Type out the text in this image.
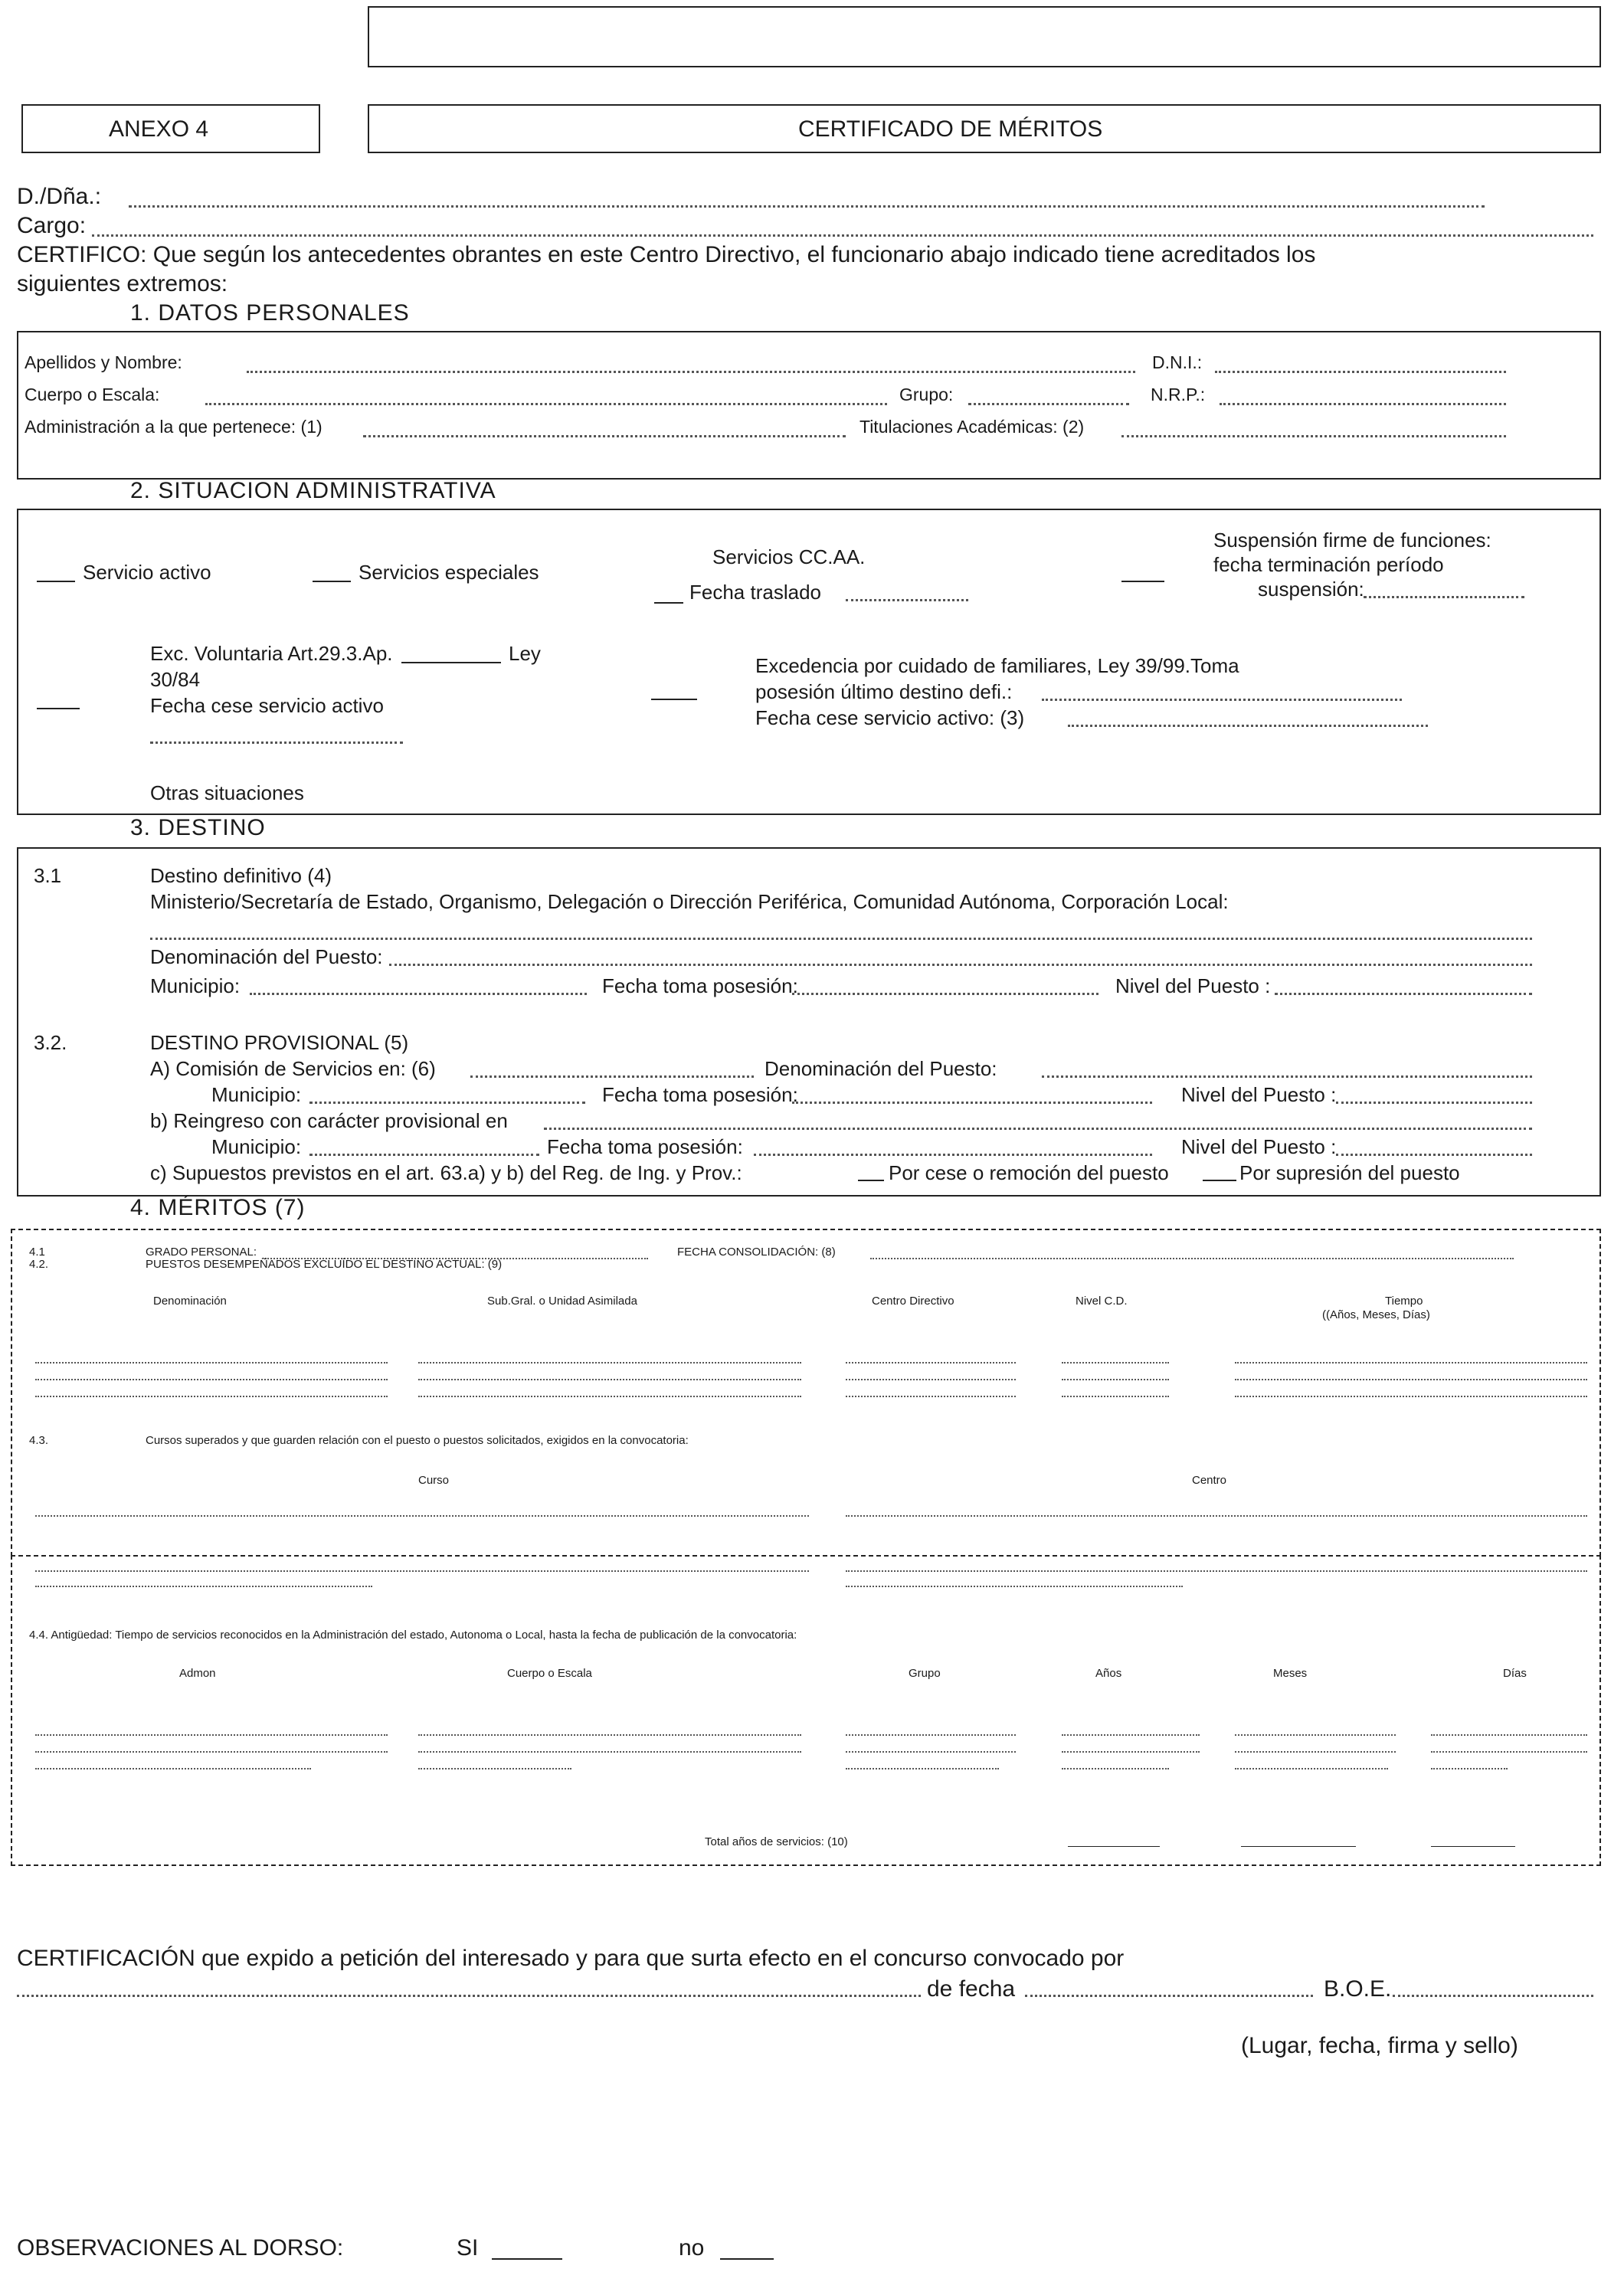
ANEXO 4	CERTIFICADO DE MÉRITOS
D./Dña.:
Cargo:
CERTIFICO: Que según los antecedentes obrantes en este Centro Directivo, el funcionario abajo indicado tiene acreditados los
siguientes extremos:
1. DATOS PERSONALES
Apellidos y Nombre:	D.N.I.:
Cuerpo o Escala:	Grupo:	N.R.P.:
Administración a la que pertenece: (1)	Titulaciones Académicas: (2)
2. SITUACION ADMINISTRATIVA
Servicio activo	Servicios especiales
Servicios CC.AA.
Fecha traslado
Suspensión firme de funciones:
fecha terminación período
suspensión:
Exc. Voluntaria Art.29.3.Ap.	Ley
30/84
Fecha cese servicio activo
Excedencia por cuidado de familiares, Ley 39/99.Toma
posesión último destino defi.:
Fecha cese servicio activo: (3)
Otras situaciones
3. DESTINO
3.1	Destino definitivo (4)
Ministerio/Secretaría de Estado, Organismo, Delegación o Dirección Periférica, Comunidad Autónoma, Corporación Local:
Denominación del Puesto:
Municipio:	Fecha toma posesión:	Nivel del Puesto :
3.2.	DESTINO PROVISIONAL (5)
A) Comisión de Servicios en: (6)	Denominación del Puesto:
Municipio:	Fecha toma posesión:	Nivel del Puesto :
b) Reingreso con carácter provisional en
Municipio:	Fecha toma posesión:	Nivel del Puesto :
c) Supuestos previstos en el art. 63.a) y b) del Reg. de Ing. y Prov.:	Por cese o remoción del puesto	Por supresión del puesto
4. MÉRITOS (7)
4.1	GRADO PERSONAL:	FECHA CONSOLIDACIÓN: (8)
4.2.	PUESTOS DESEMPEÑADOS EXCLUÍDO EL DESTINO ACTUAL: (9)
Denominación	Sub.Gral. o Unidad Asimilada	Centro Directivo	Nivel C.D.	Tiempo
((Años, Meses, Días)
4.3.	Cursos superados y que guarden relación con el puesto o puestos solicitados, exigidos en la convocatoria:
Curso	Centro
4.4. Antigüedad: Tiempo de servicios reconocidos en la Administración del estado, Autonoma o Local, hasta la fecha de publicación de la convocatoria:
Admon	Cuerpo o Escala	Grupo	Años	Meses	Días
Total años de servicios: (10)
CERTIFICACIÓN que expido a petición del interesado y para que surta efecto en el concurso convocado por
de fecha	B.O.E.
(Lugar, fecha, firma y sello)
OBSERVACIONES AL DORSO:	SI	no
